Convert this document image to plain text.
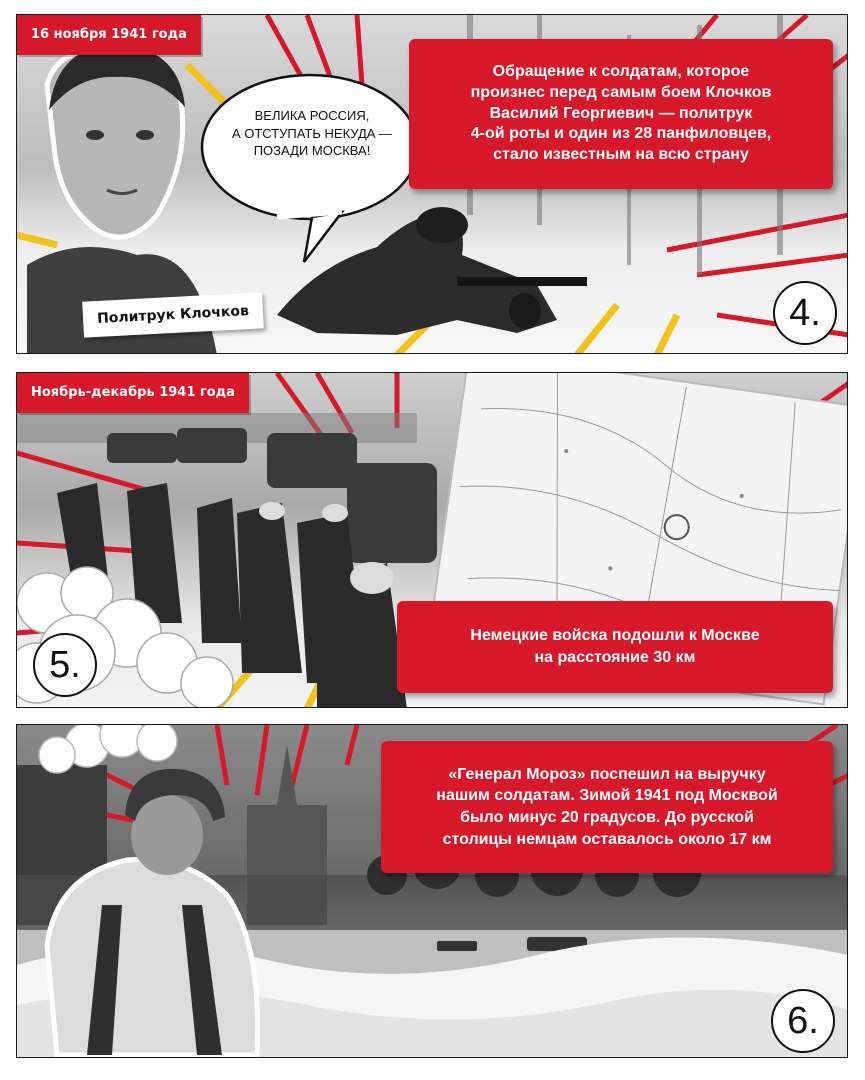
16 ноября 1941 года
ВЕЛИКА РОССИЯ,
А ОТСТУПАТЬ НЕКУДА —
ПОЗАДИ МОСКВА!
Политрук Клочков
Обращение к солдатам, которое
произнес перед самым боем Клочков
Василий Георгиевич — политрук
4-ой роты и один из 28 панфиловцев,
стало известным на всю страну
4.
Ноябрь-декабрь 1941 года
Немецкие войска подошли к Москве
на расстояние 30 км
5.
«Генерал Мороз» поспешил на выручку
нашим солдатам. Зимой 1941 под Москвой
было минус 20 градусов. До русской
столицы немцам оставалось около 17 км
6.
